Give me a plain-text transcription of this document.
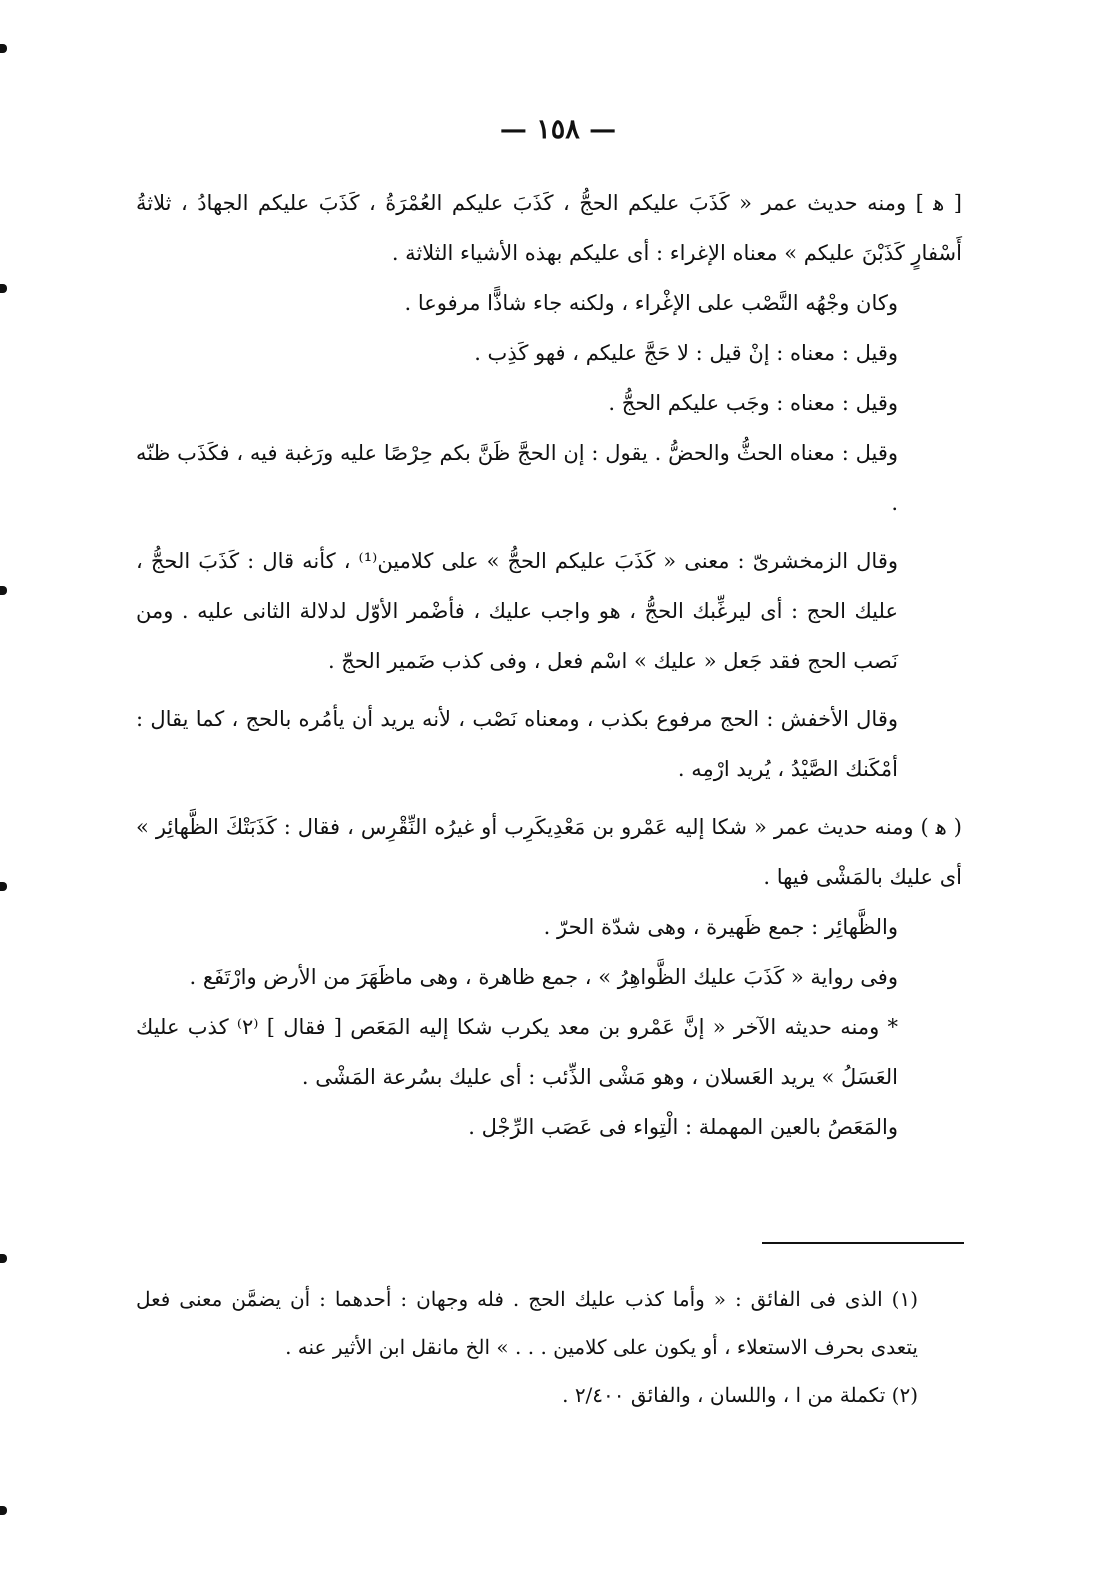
— ١٥٨ —

[ ﻫ ] ومنه حديث عمر « كَذَبَ عليكم الحجُّ ، كَذَبَ عليكم العُمْرَةُ ، كَذَبَ عليكم الجهادُ ، ثلاثةُ أَسْفارٍ كَذَبْنَ عليكم » معناه الإغراء : أى عليكم بهذه الأشياء الثلاثة .

وكان وجْهُه النَّصْب على الإغْراء ، ولكنه جاء شاذًّا مرفوعا .

وقيل : معناه : إنْ قيل : لا حَجَّ عليكم ، فهو كَذِب .

وقيل : معناه : وجَب عليكم الحجُّ .

وقيل : معناه الحثُّ والحضُّ . يقول : إن الحجَّ ظَنَّ بكم حِرْصًا عليه ورَغبة فيه ، فكَذَب ظنّه .

وقال الزمخشرىّ : معنى « كَذَبَ عليكم الحجُّ » على كلامين⁽¹⁾ ، كأنه قال : كَذَبَ الحجُّ ، عليك الحج : أى ليرغِّبك الحجُّ ، هو واجب عليك ، فأضْمر الأوّل لدلالة الثانى عليه . ومن نَصب الحج فقد جَعل « عليك » اسْم فعل ، وفى كذب ضَمير الحجّ .

وقال الأخفش : الحج مرفوع بكذب ، ومعناه نَصْب ، لأنه يريد أن يأمُره بالحج ، كما يقال : أمْكَنك الصَّيْدُ ، يُريد ارْمِه .

( ﻫ ) ومنه حديث عمر « شكا إليه عَمْرو بن مَعْدِيكَرِب أو غيرُه النِّقْرِس ، فقال : كَذَبَتْكَ الظَّهائِر » أى عليك بالمَشْى فيها .

والظَّهائِر : جمع ظَهيرة ، وهى شدّة الحرّ .

وفى رواية « كَذَبَ عليك الظَّواهِرُ » ، جمع ظاهرة ، وهى ماظَهَرَ من الأرض وارْتَفَع .

* ومنه حديثه الآخر « إنَّ عَمْرو بن معد يكرب شكا إليه المَعَص [ فقال ] ⁽٢⁾ كذب عليك العَسَلُ » يريد العَسلان ، وهو مَشْى الذِّئب : أى عليك بسُرعة المَشْى .

والمَعَصُ بالعين المهملة : الْتِواء فى عَصَب الرِّجْل .

(١) الذى فى الفائق : « وأما كذب عليك الحج . فله وجهان : أحدهما : أن يضمَّن معنى فعل يتعدى بحرف الاستعلاء ، أو يكون على كلامين . . . » الخ مانقل ابن الأثير عنه .

(٢) تكملة من ا ، واللسان ، والفائق ٢/٤٠٠ .
